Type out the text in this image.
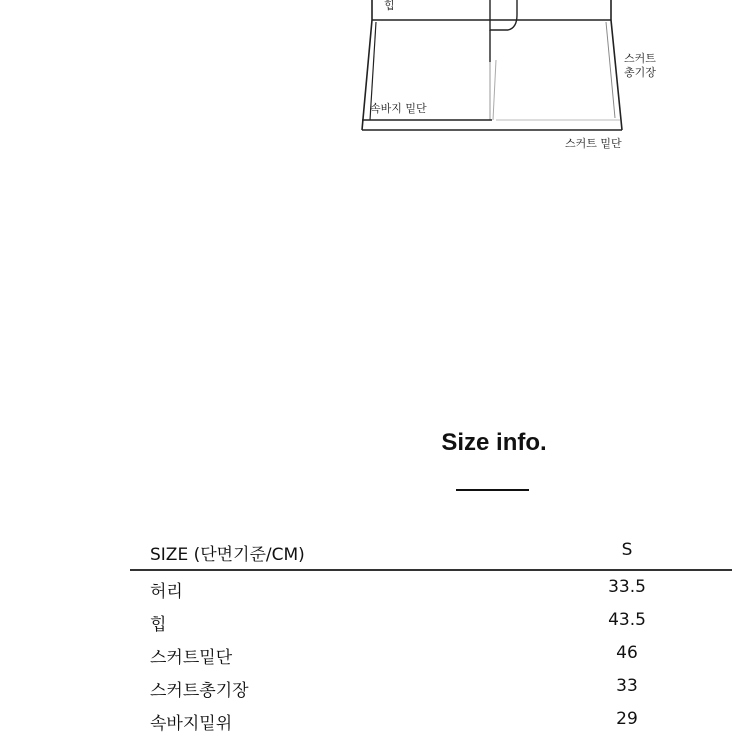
힙
스커트
총기장
속바지 밑단
스커트 밑단
Size info.
SIZE (단면기준/CM)	S
허리	33.5
힙	43.5
스커트밑단	46
스커트총기장	33
속바지밑위	29
